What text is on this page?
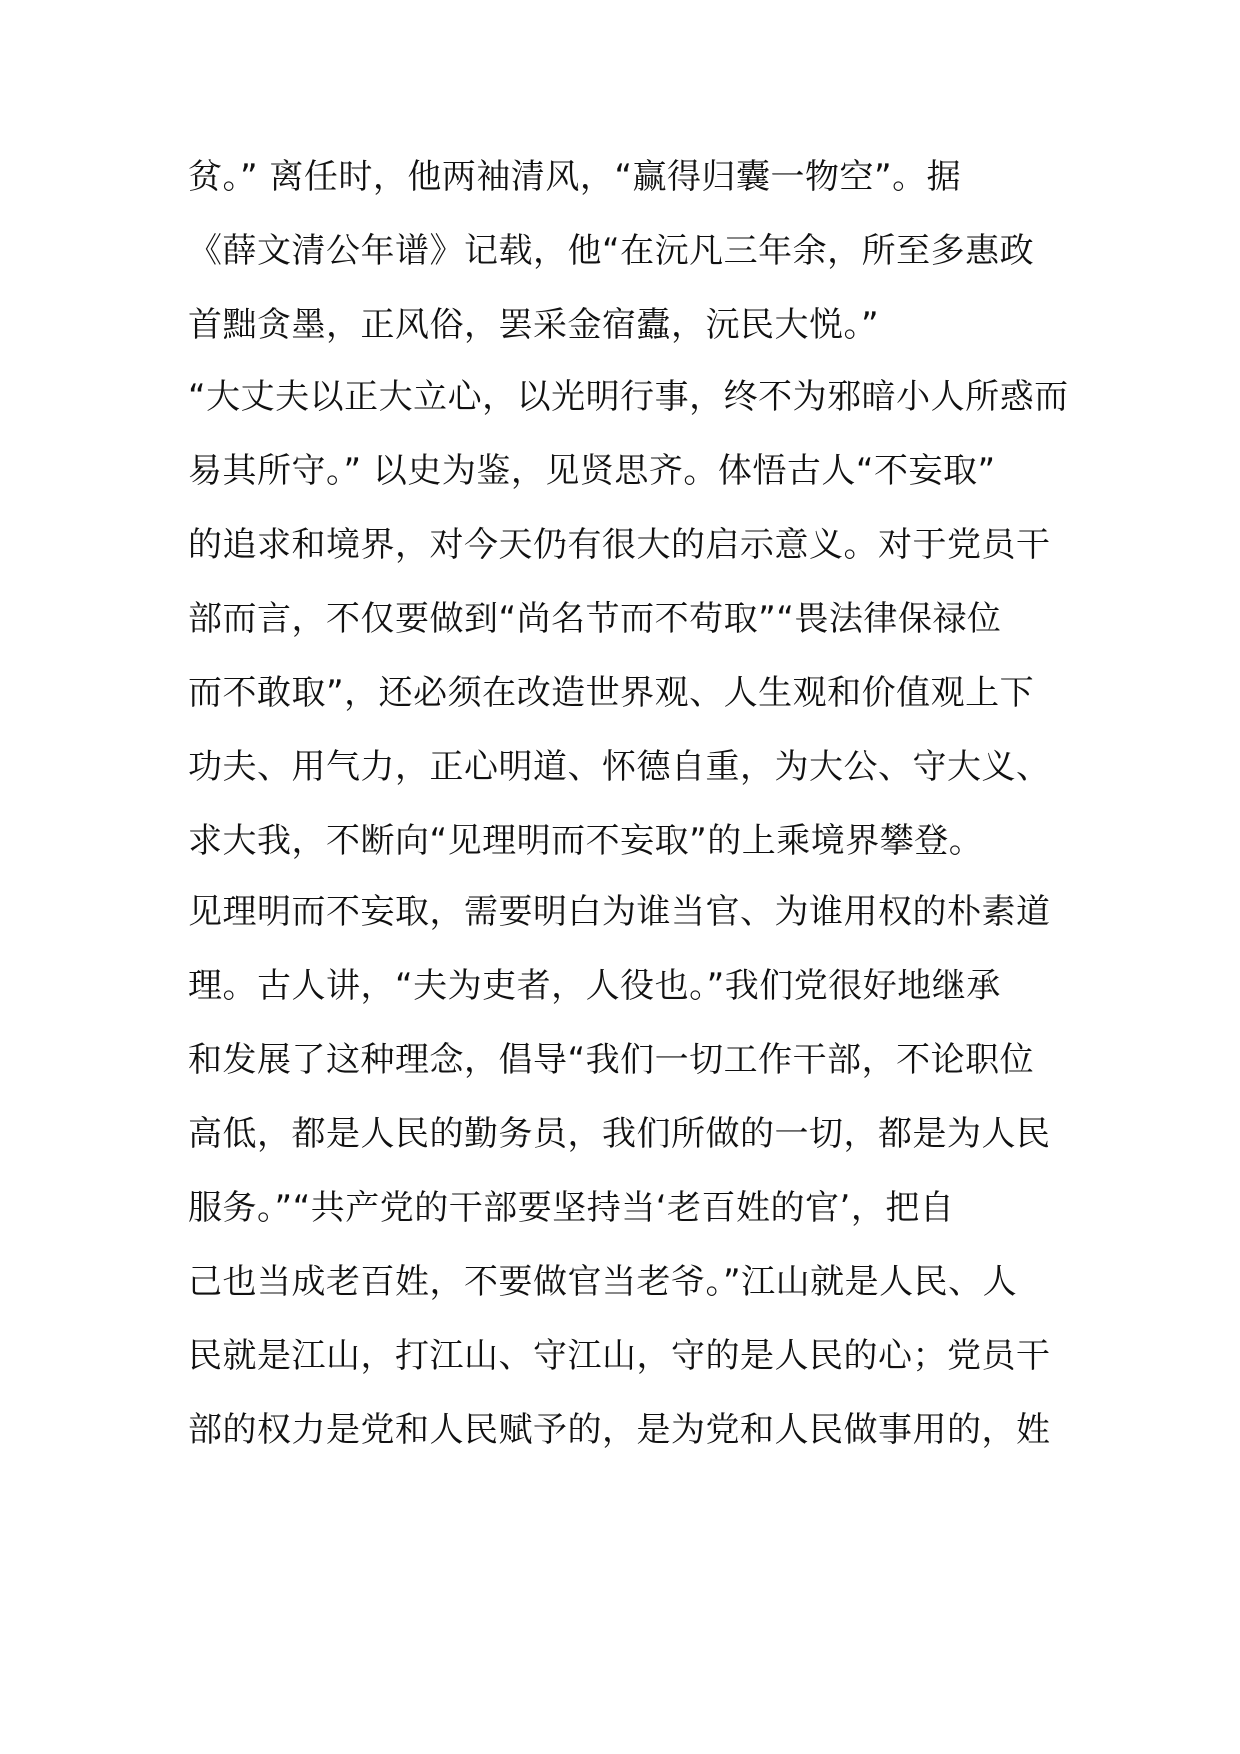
贫。” 离任时，他两袖清风，“赢得归囊一物空”。据
《薛文清公年谱》记载，他“在沅凡三年余，所至多惠政
首黜贪墨，正风俗，罢采金宿蠹，沅民大悦。”
“大丈夫以正大立心，以光明行事，终不为邪暗小人所惑而
易其所守。” 以史为鉴，见贤思齐。体悟古人“不妄取”
的追求和境界，对今天仍有很大的启示意义。对于党员干
部而言，不仅要做到“尚名节而不苟取”“畏法律保禄位
而不敢取”，还必须在改造世界观、人生观和价值观上下
功夫、用气力，正心明道、怀德自重，为大公、守大义、
求大我，不断向“见理明而不妄取”的上乘境界攀登。
见理明而不妄取，需要明白为谁当官、为谁用权的朴素道
理。古人讲，“夫为吏者，人役也。”我们党很好地继承
和发展了这种理念，倡导“我们一切工作干部，不论职位
高低，都是人民的勤务员，我们所做的一切，都是为人民
服务。”“共产党的干部要坚持当‘老百姓的官’，把自
己也当成老百姓，不要做官当老爷。”江山就是人民、人
民就是江山，打江山、守江山，守的是人民的心；党员干
部的权力是党和人民赋予的，是为党和人民做事用的，姓
